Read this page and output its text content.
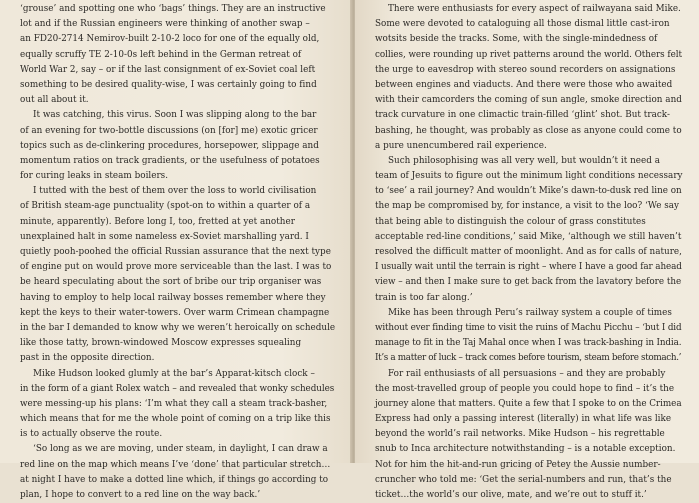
‘grouse’ and spotting one who ‘bags’ things. They are an instructive
lot and if the Russian engineers were thinking of another swap –
an FD20-2714 Nemirov-built 2-10-2 loco for one of the equally old,
equally scruffy TE 2-10-0s left behind in the German retreat of
World War 2, say – or if the last consignment of ex-Soviet coal left
something to be desired quality-wise, I was certainly going to find
out all about it.
It was catching, this virus. Soon I was slipping along to the bar
of an evening for two-bottle discussions (on [for] me) exotic gricer
topics such as de-clinkering procedures, horsepower, slippage and
momentum ratios on track gradients, or the usefulness of potatoes
for curing leaks in steam boilers.
I tutted with the best of them over the loss to world civilisation
of British steam-age punctuality (spot-on to within a quarter of a
minute, apparently). Before long I, too, fretted at yet another
unexplained halt in some nameless ex-Soviet marshalling yard. I
quietly pooh-poohed the official Russian assurance that the next type
of engine put on would prove more serviceable than the last. I was to
be heard speculating about the sort of bribe our trip organiser was
having to employ to help local railway bosses remember where they
kept the keys to their water-towers. Over warm Crimean champagne
in the bar I demanded to know why we weren’t heroically on schedule
like those tatty, brown-windowed Moscow expresses squealing
past in the opposite direction.
Mike Hudson looked glumly at the bar’s Apparat-kitsch clock –
in the form of a giant Rolex watch – and revealed that wonky schedules
were messing-up his plans: ‘I’m what they call a steam track-basher,
which means that for me the whole point of coming on a trip like this
is to actually observe the route.
‘So long as we are moving, under steam, in daylight, I can draw a
red line on the map which means I’ve ‘done’ that particular stretch…
at night I have to make a dotted line which, if things go according to
plan, I hope to convert to a red line on the way back.’
There were enthusiasts for every aspect of railwayana said Mike.
Some were devoted to cataloguing all those dismal little cast-iron
wotsits beside the tracks. Some, with the single-mindedness of
collies, were rounding up rivet patterns around the world. Others felt
the urge to eavesdrop with stereo sound recorders on assignations
between engines and viaducts. And there were those who awaited
with their camcorders the coming of sun angle, smoke direction and
track curvature in one climactic train-filled ‘glint’ shot. But track-
bashing, he thought, was probably as close as anyone could come to
a pure unencumbered rail experience.
Such philosophising was all very well, but wouldn’t it need a
team of Jesuits to figure out the minimum light conditions necessary
to ‘see’ a rail journey? And wouldn’t Mike’s dawn-to-dusk red line on
the map be compromised by, for instance, a visit to the loo? ‘We say
that being able to distinguish the colour of grass constitutes
acceptable red-line conditions,’ said Mike, ‘although we still haven’t
resolved the difficult matter of moonlight. And as for calls of nature,
I usually wait until the terrain is right – where I have a good far ahead
view – and then I make sure to get back from the lavatory before the
train is too far along.’
Mike has been through Peru’s railway system a couple of times
without ever finding time to visit the ruins of Machu Picchu – ‘but I did
manage to fit in the Taj Mahal once when I was track-bashing in India.
It’s a matter of luck – track comes before tourism, steam before stomach.’
For rail enthusiasts of all persuasions – and they are probably
the most-travelled group of people you could hope to find – it’s the
journey alone that matters. Quite a few that I spoke to on the Crimea
Express had only a passing interest (literally) in what life was like
beyond the world’s rail networks. Mike Hudson – his regrettable
snub to Inca architecture notwithstanding – is a notable exception.
Not for him the hit-and-run gricing of Petey the Aussie number-
cruncher who told me: ‘Get the serial-numbers and run, that’s the
ticket…the world’s our olive, mate, and we’re out to stuff it.’
